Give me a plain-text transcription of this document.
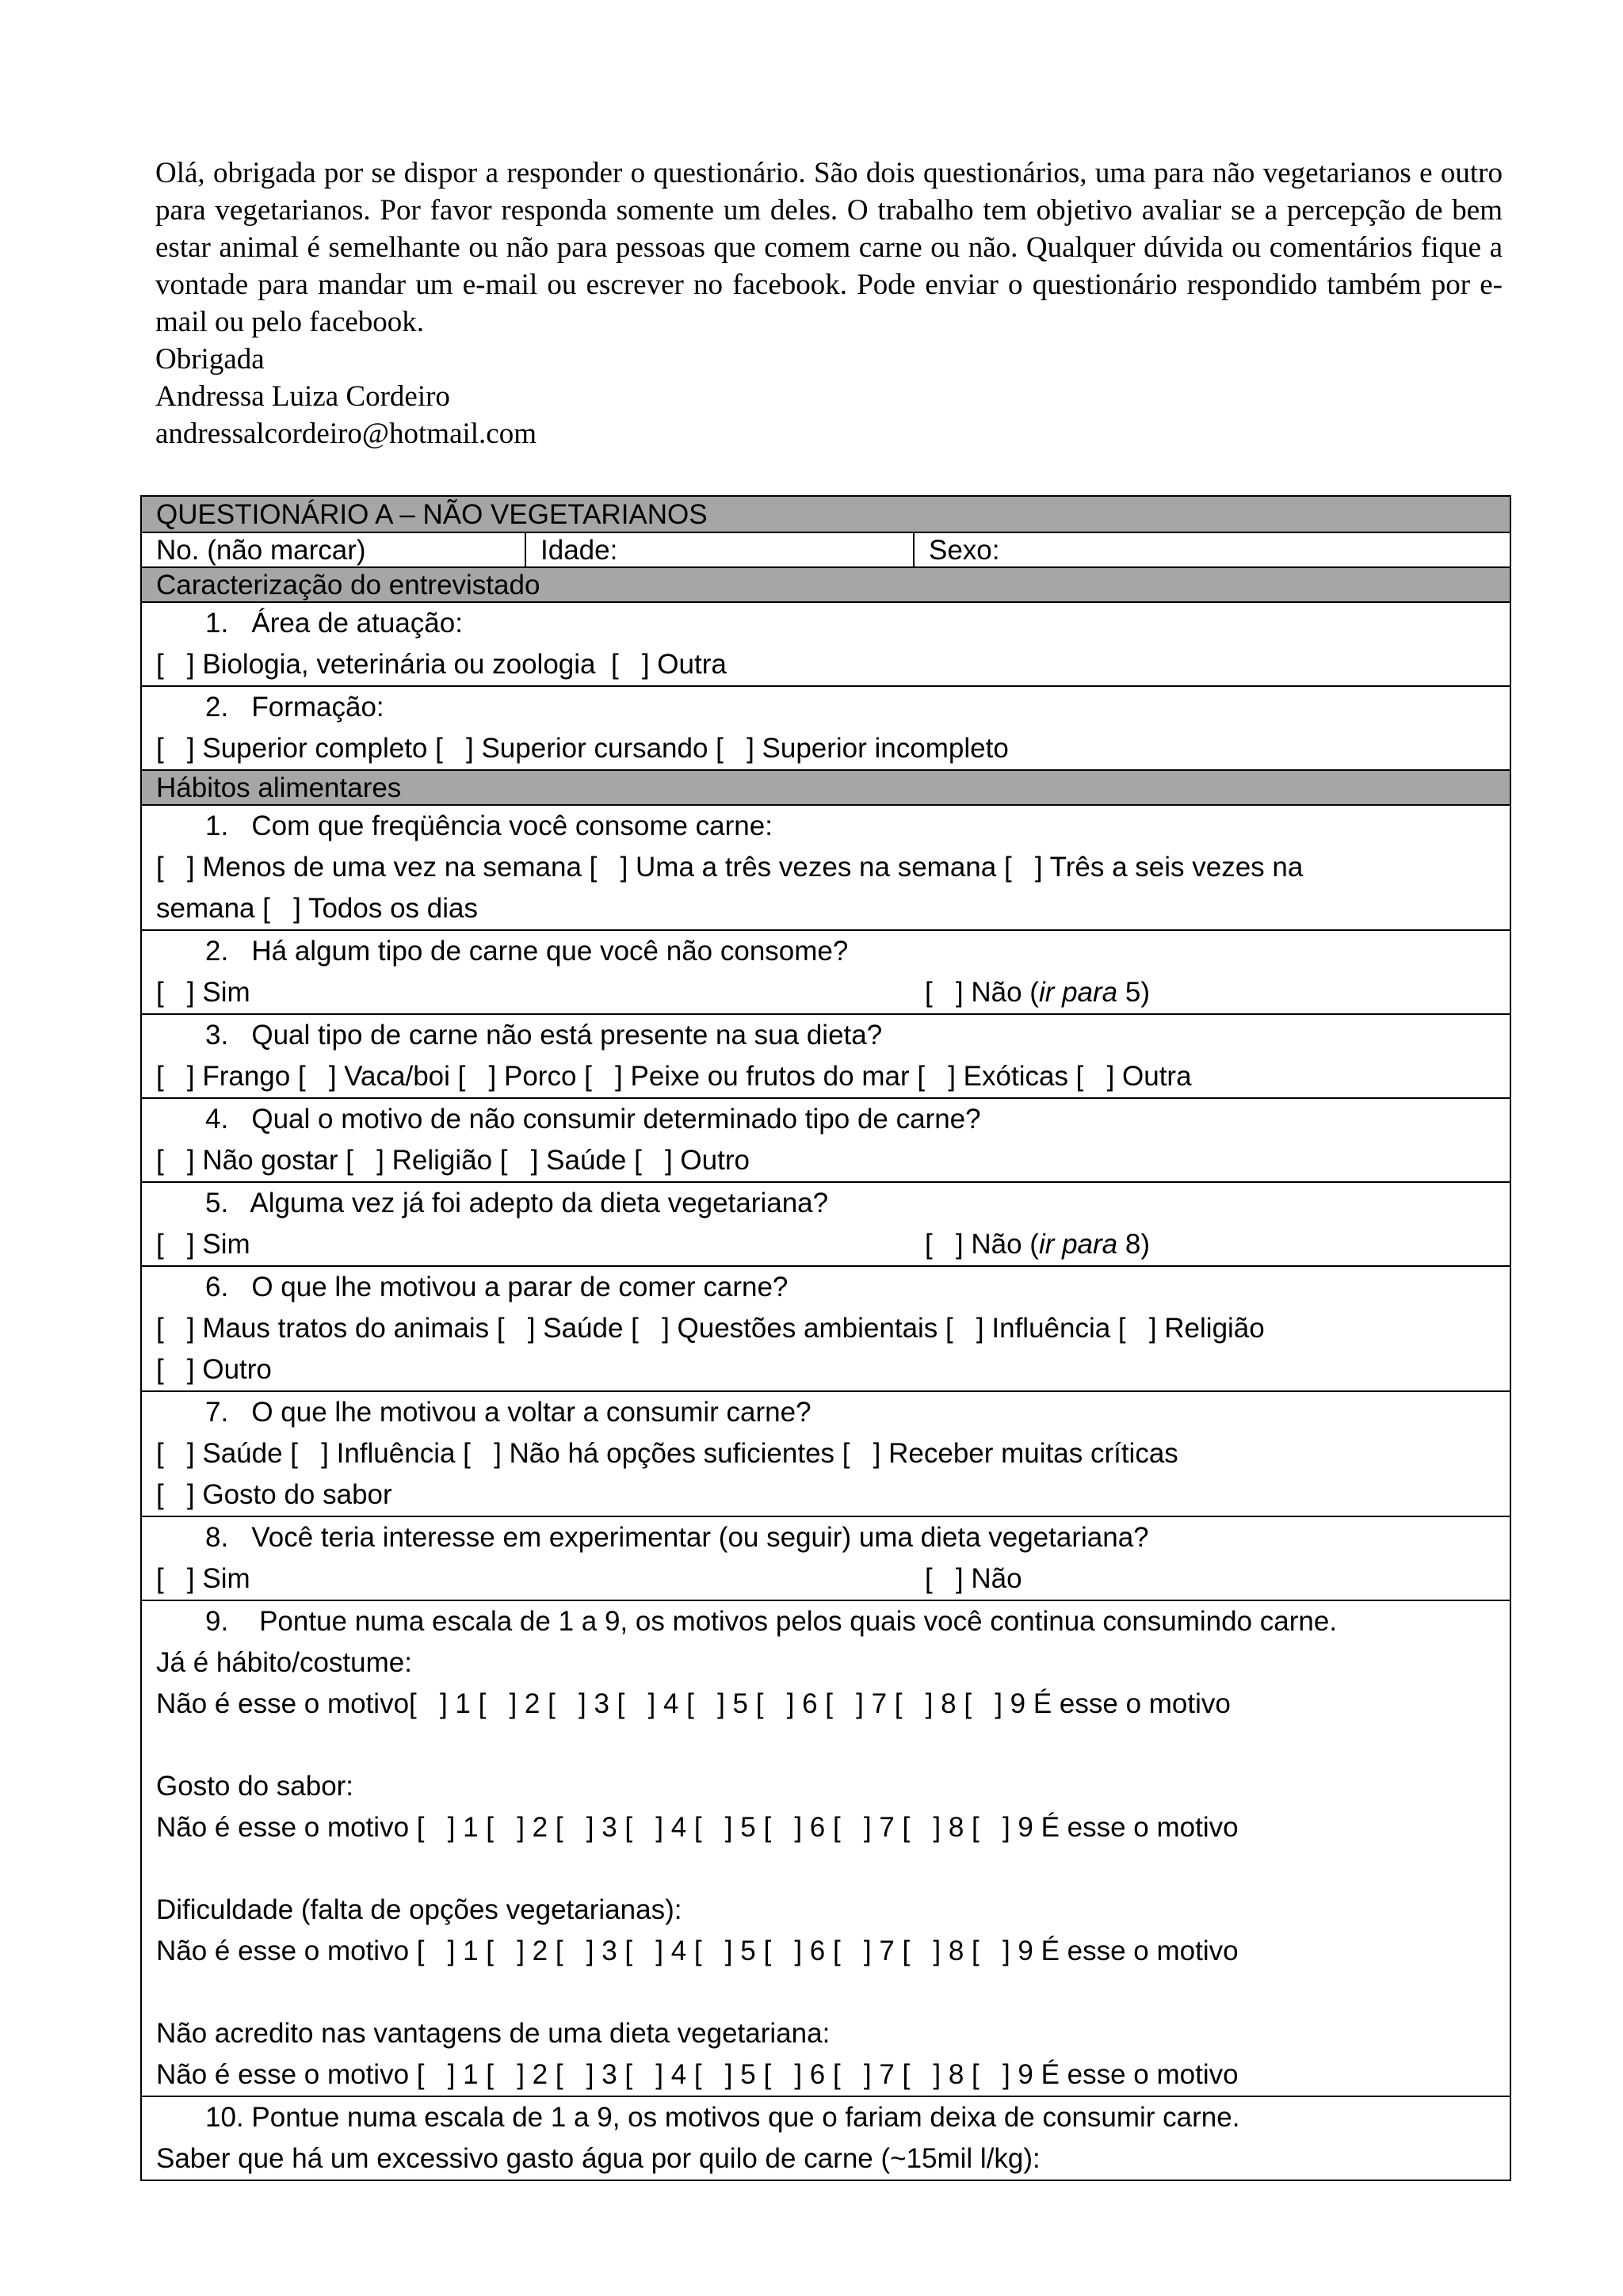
Olá, obrigada por se dispor a responder o questionário. São dois questionários, uma para não vegetarianos e outro para vegetarianos. Por favor responda somente um deles. O trabalho tem objetivo avaliar se a percepção de bem estar animal é semelhante ou não para pessoas que comem carne ou não. Qualquer dúvida ou comentários fique a vontade para mandar um e-mail ou escrever no facebook. Pode enviar o questionário respondido também por e-mail ou pelo facebook.

Obrigada

Andressa Luiza Cordeiro

andressalcordeiro@hotmail.com

QUESTIONÁRIO A – NÃO VEGETARIANOS
No. (não marcar)	Idade:	Sexo:
Caracterização do entrevistado
1.   Área de atuação:
[   ] Biologia, veterinária ou zoologia  [   ] Outra
2.   Formação:
[   ] Superior completo [   ] Superior cursando [   ] Superior incompleto
Hábitos alimentares
1.   Com que freqüência você consome carne:
[   ] Menos de uma vez na semana [   ] Uma a três vezes na semana [   ] Três a seis vezes na
semana [   ] Todos os dias
2.   Há algum tipo de carne que você não consome?
[   ] Sim	[   ] Não (ir para 5)
3.   Qual tipo de carne não está presente na sua dieta?
[   ] Frango [   ] Vaca/boi [   ] Porco [   ] Peixe ou frutos do mar [   ] Exóticas [   ] Outra
4.   Qual o motivo de não consumir determinado tipo de carne?
[   ] Não gostar [   ] Religião [   ] Saúde [   ] Outro
5.   Alguma vez já foi adepto da dieta vegetariana?
[   ] Sim	[   ] Não (ir para 8)
6.   O que lhe motivou a parar de comer carne?
[   ] Maus tratos do animais [   ] Saúde [   ] Questões ambientais [   ] Influência [   ] Religião
[   ] Outro
7.   O que lhe motivou a voltar a consumir carne?
[   ] Saúde [   ] Influência [   ] Não há opções suficientes [   ] Receber muitas críticas
[   ] Gosto do sabor
8.   Você teria interesse em experimentar (ou seguir) uma dieta vegetariana?
[   ] Sim	[   ] Não
9.    Pontue numa escala de 1 a 9, os motivos pelos quais você continua consumindo carne.
Já é hábito/costume:
Não é esse o motivo[   ] 1 [   ] 2 [   ] 3 [   ] 4 [   ] 5 [   ] 6 [   ] 7 [   ] 8 [   ] 9 É esse o motivo
Gosto do sabor:
Não é esse o motivo [   ] 1 [   ] 2 [   ] 3 [   ] 4 [   ] 5 [   ] 6 [   ] 7 [   ] 8 [   ] 9 É esse o motivo
Dificuldade (falta de opções vegetarianas):
Não é esse o motivo [   ] 1 [   ] 2 [   ] 3 [   ] 4 [   ] 5 [   ] 6 [   ] 7 [   ] 8 [   ] 9 É esse o motivo
Não acredito nas vantagens de uma dieta vegetariana:
Não é esse o motivo [   ] 1 [   ] 2 [   ] 3 [   ] 4 [   ] 5 [   ] 6 [   ] 7 [   ] 8 [   ] 9 É esse o motivo
10. Pontue numa escala de 1 a 9, os motivos que o fariam deixa de consumir carne.
Saber que há um excessivo gasto água por quilo de carne (~15mil l/kg):
